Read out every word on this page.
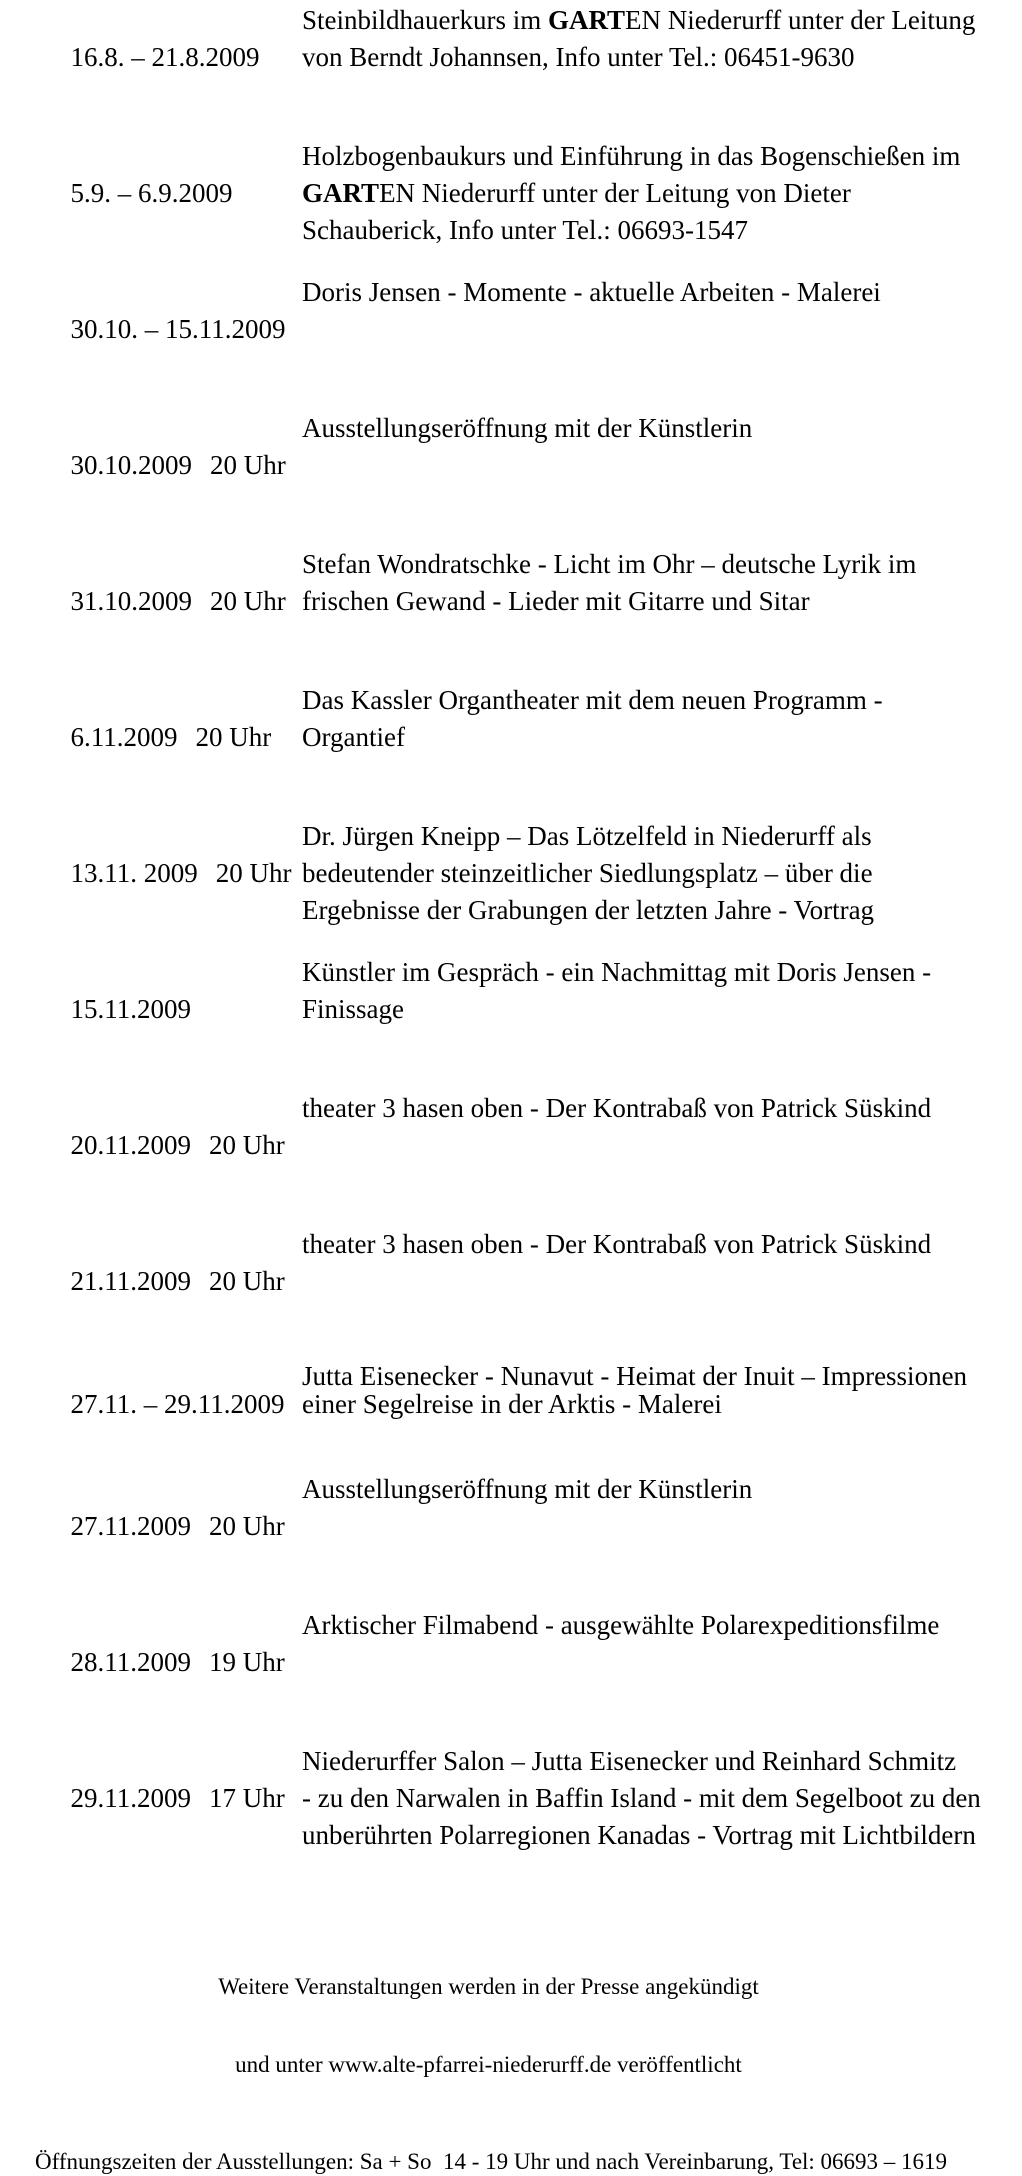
16.8. – 21.8.2009

Steinbildhauerkurs im GARTEN Niederurff unter der Leitung
von Berndt Johannsen, Info unter Tel.: 06451-9630

5.9. – 6.9.2009

Holzbogenbaukurs und Einführung in das Bogenschießen im
GARTEN Niederurff unter der Leitung von Dieter
Schauberick, Info unter Tel.: 06693-1547

30.10. – 15.11.2009

Doris Jensen - Momente - aktuelle Arbeiten - Malerei

30.10.2009 20 Uhr

Ausstellungseröffnung mit der Künstlerin

31.10.2009 20 Uhr

Stefan Wondratschke - Licht im Ohr – deutsche Lyrik im
frischen Gewand - Lieder mit Gitarre und Sitar

6.11.2009 20 Uhr

Das Kassler Organtheater mit dem neuen Programm -
Organtief

13.11. 2009 20 Uhr

Dr. Jürgen Kneipp – Das Lötzelfeld in Niederurff als
bedeutender steinzeitlicher Siedlungsplatz – über die
Ergebnisse der Grabungen der letzten Jahre - Vortrag

15.11.2009

Künstler im Gespräch - ein Nachmittag mit Doris Jensen -
Finissage

20.11.2009 20 Uhr

theater 3 hasen oben - Der Kontrabaß von Patrick Süskind

21.11.2009 20 Uhr

theater 3 hasen oben - Der Kontrabaß von Patrick Süskind

27.11. – 29.11.2009

Jutta Eisenecker - Nunavut - Heimat der Inuit – Impressionen
einer Segelreise in der Arktis - Malerei

27.11.2009 20 Uhr

Ausstellungseröffnung mit der Künstlerin

28.11.2009 19 Uhr

Arktischer Filmabend - ausgewählte Polarexpeditionsfilme

29.11.2009 17 Uhr

Niederurffer Salon – Jutta Eisenecker und Reinhard Schmitz
- zu den Narwalen in Baffin Island - mit dem Segelboot zu den
unberührten Polarregionen Kanadas - Vortrag mit Lichtbildern

Weitere Veranstaltungen werden in der Presse angekündigt

und unter www.alte-pfarrei-niederurff.de veröffentlicht

Öffnungszeiten der Ausstellungen: Sa + So  14 - 19 Uhr und nach Vereinbarung, Tel: 06693 – 1619
